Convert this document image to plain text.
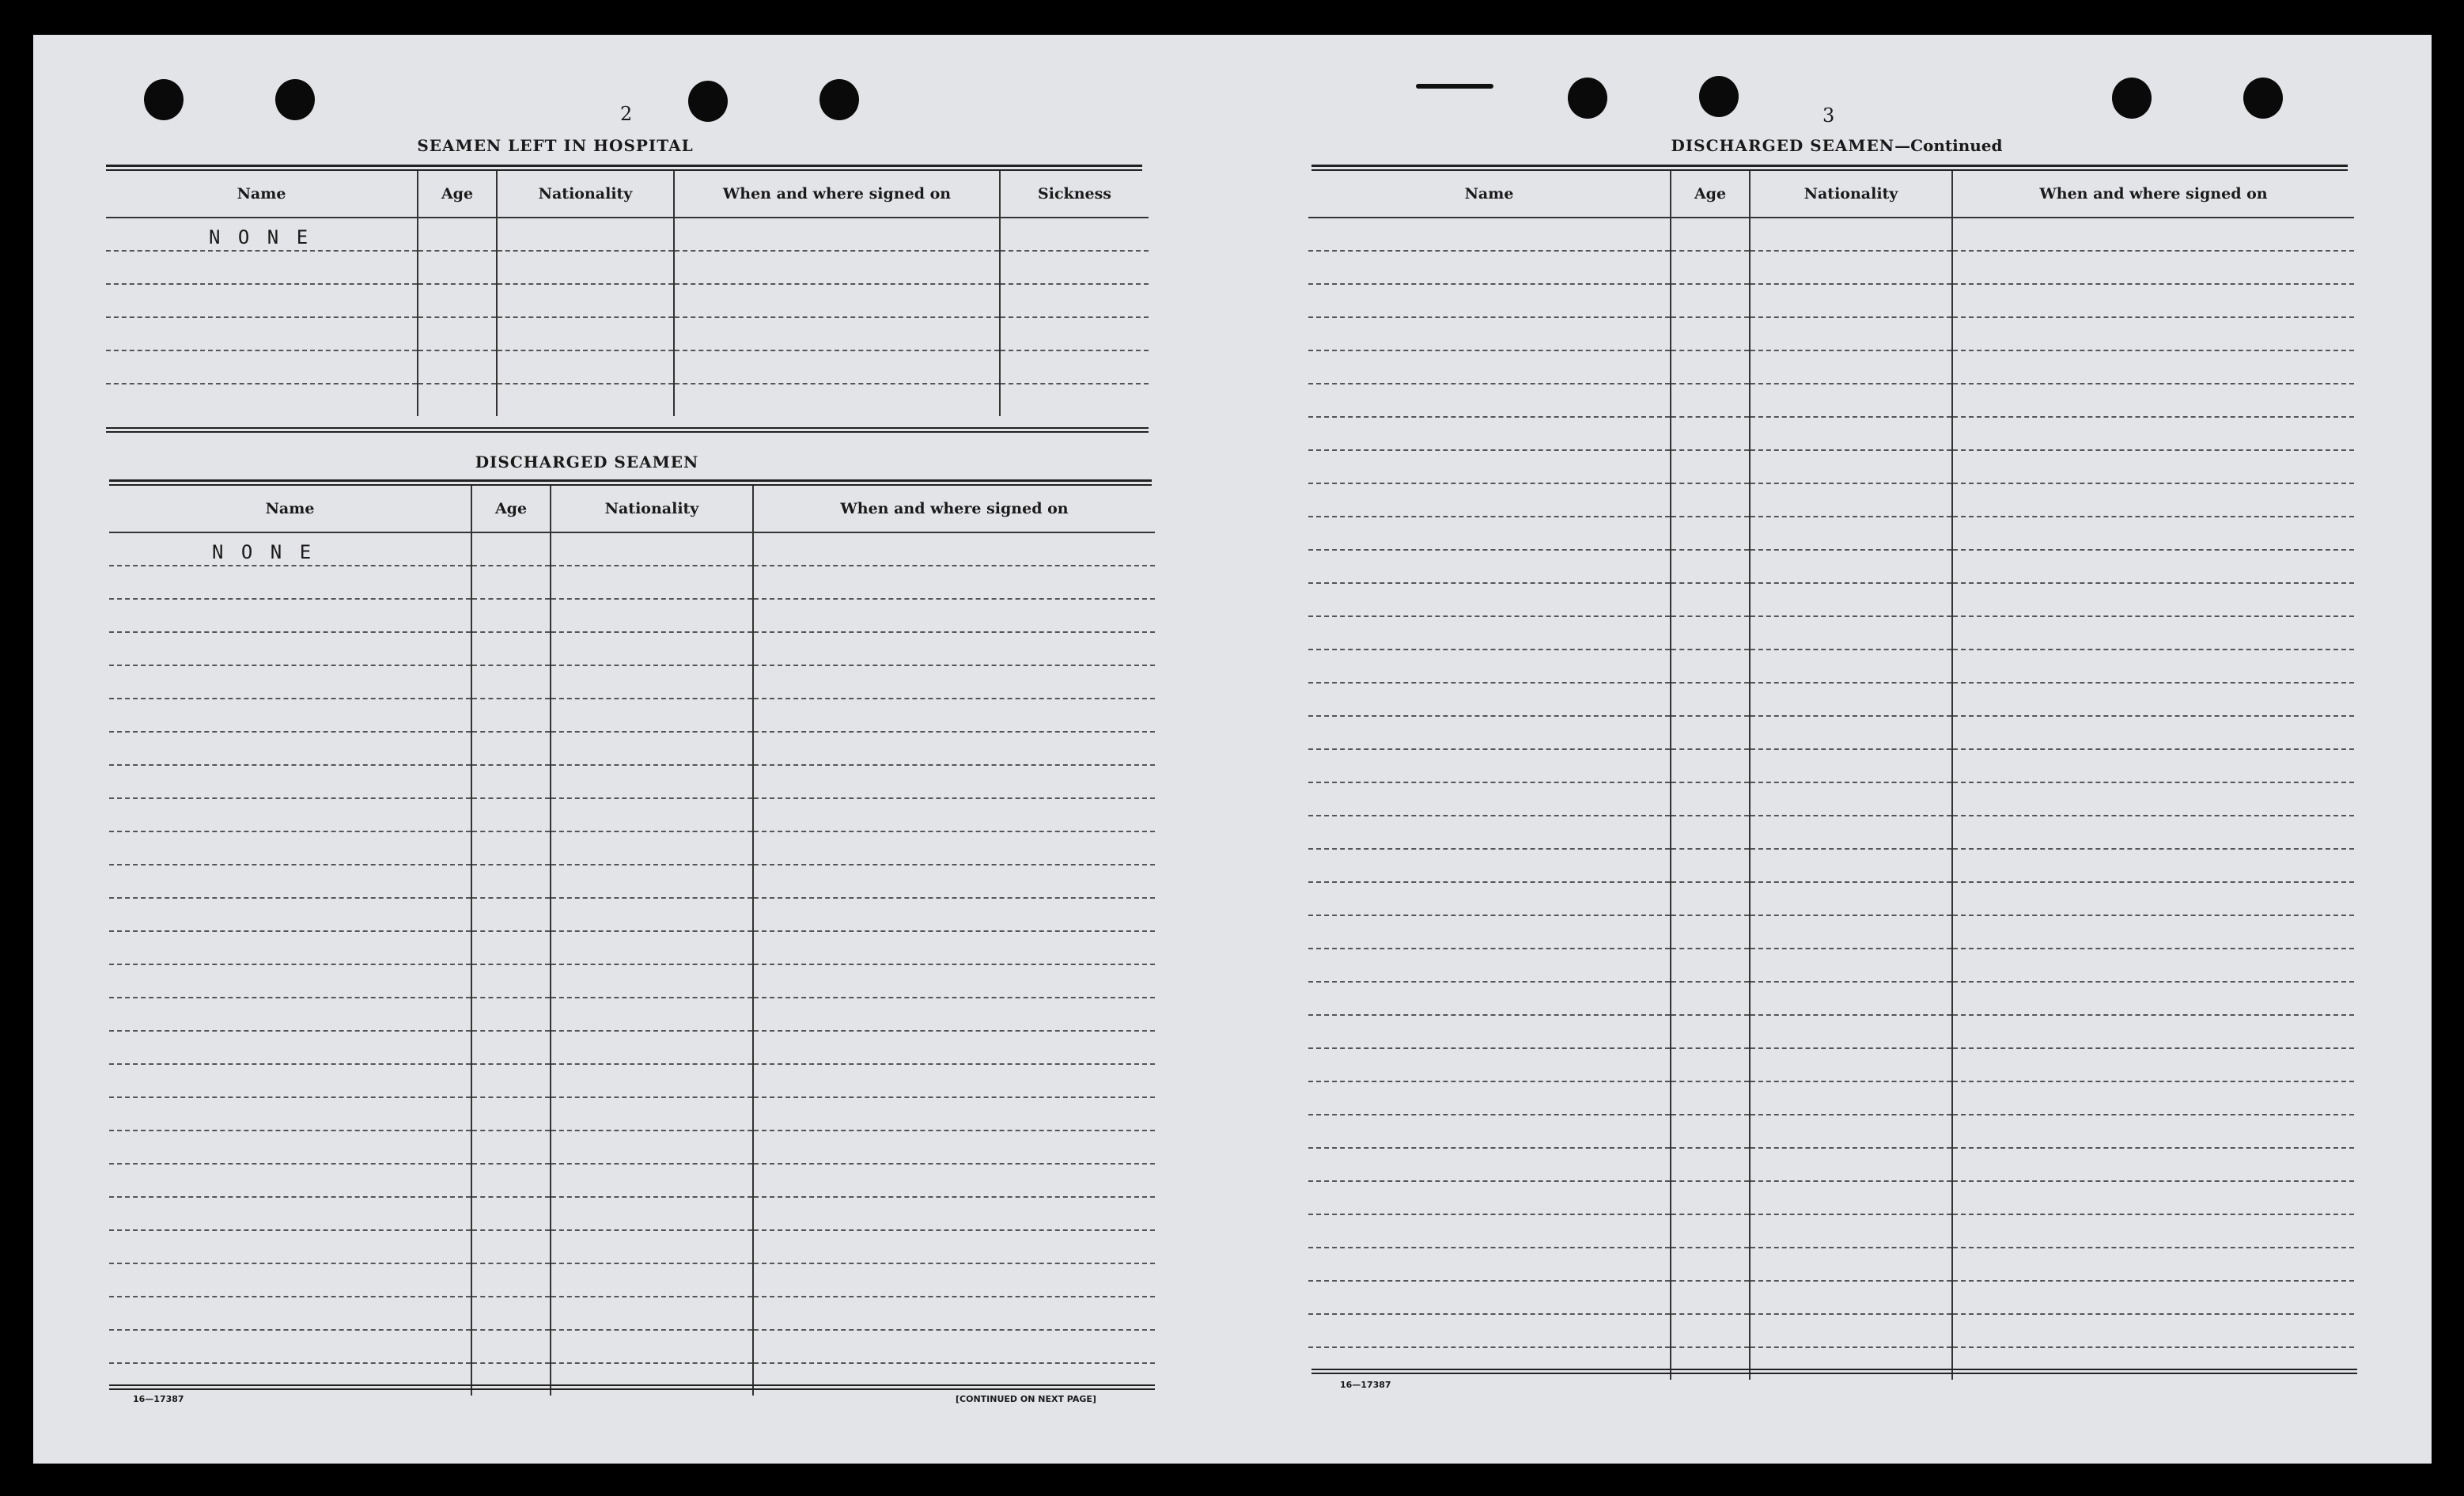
2
SEAMEN LEFT IN HOSPITAL
Name	Age	Nationality	When and where signed on	Sickness
N O N E				

DISCHARGED SEAMEN
Name	Age	Nationality	When and where signed on
N O N E			

16—17387	[CONTINUED ON NEXT PAGE]
3
DISCHARGED SEAMEN—Continued
Name	Age	Nationality	When and where signed on

16—17387
